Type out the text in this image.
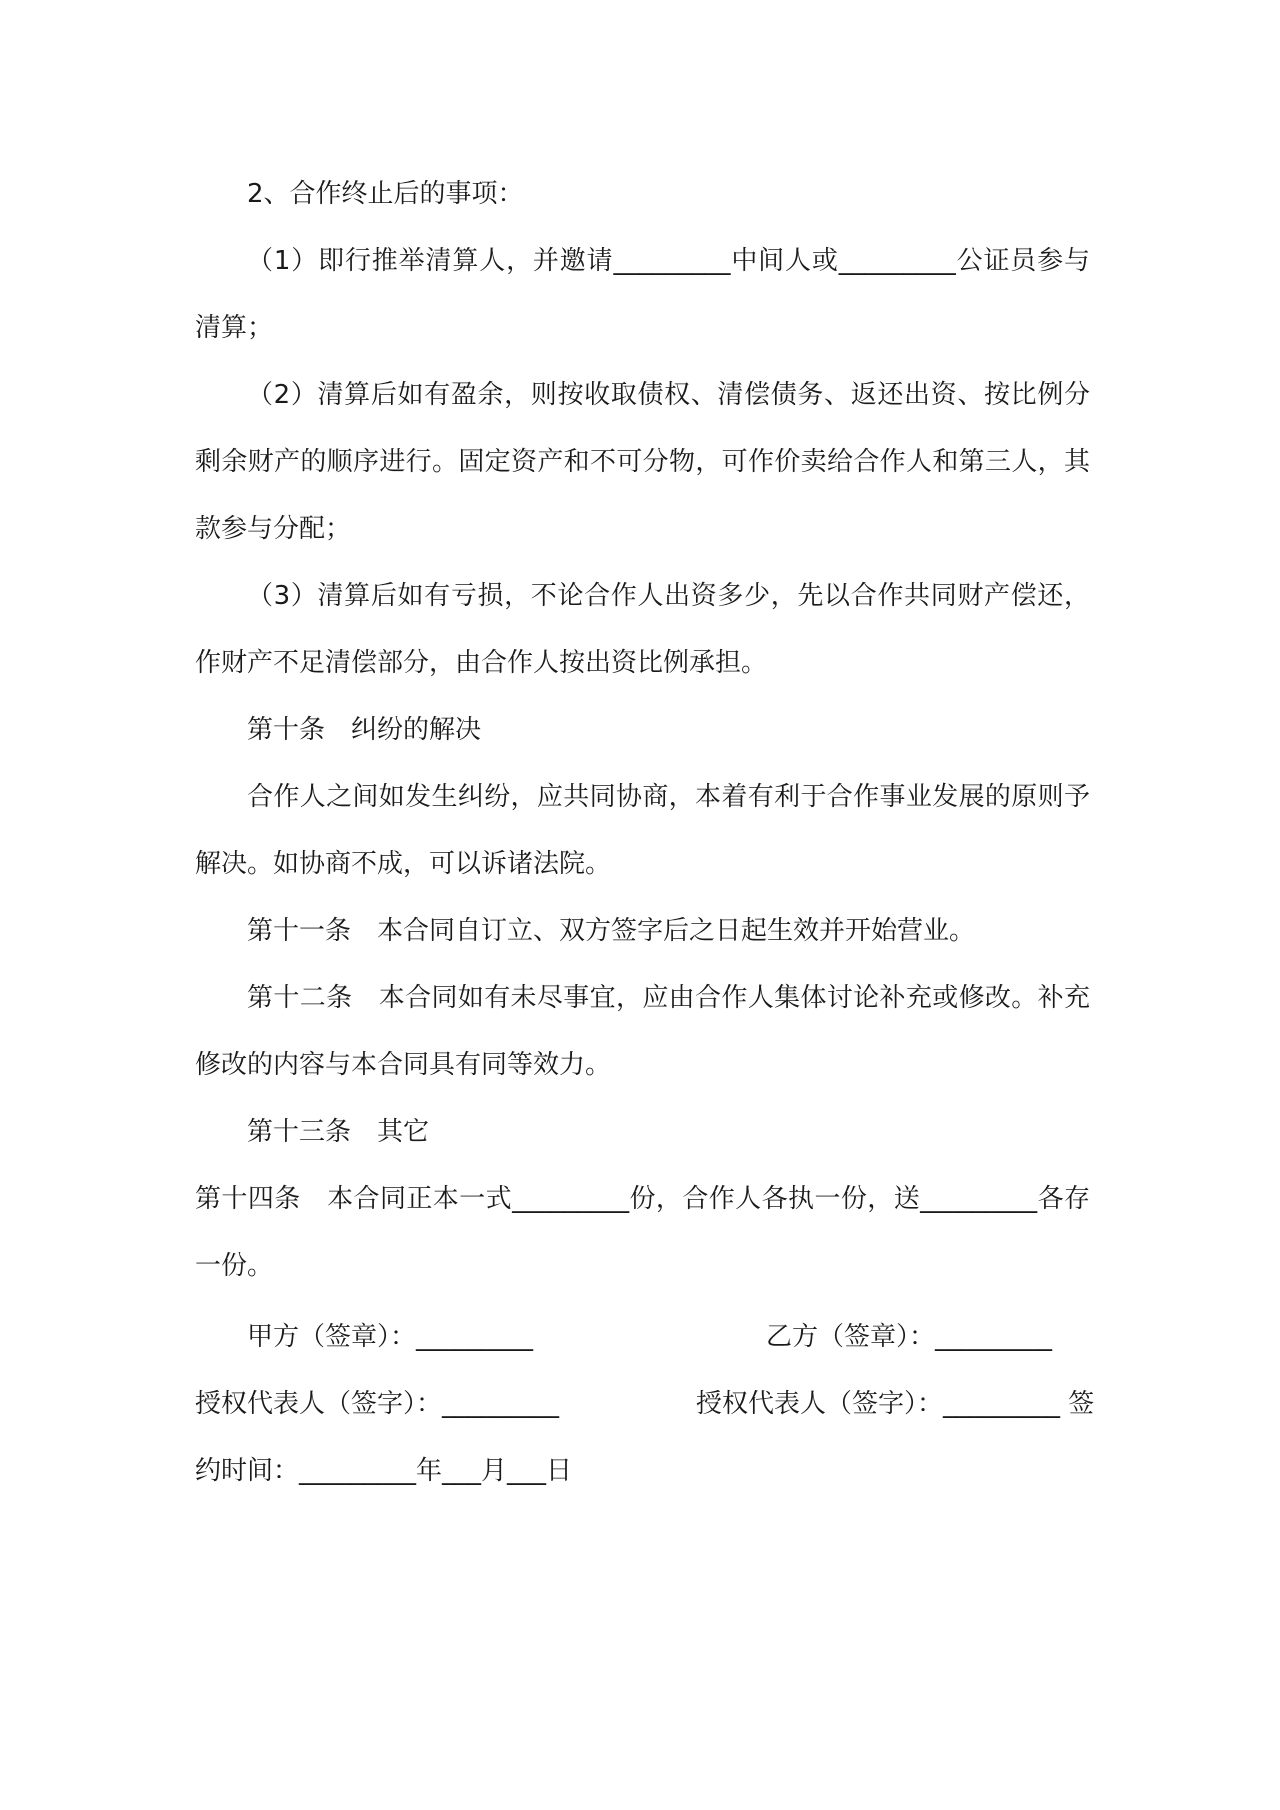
2、合作终止后的事项：
（1）即行推举清算人，并邀请_________中间人或_________公证员参与
清算；
（2）清算后如有盈余，则按收取债权、清偿债务、返还出资、按比例分
剩余财产的顺序进行。固定资产和不可分物，可作价卖给合作人和第三人，其
款参与分配；
（3）清算后如有亏损，不论合作人出资多少，先以合作共同财产偿还，
作财产不足清偿部分，由合作人按出资比例承担。
第十条　纠纷的解决
合作人之间如发生纠纷，应共同协商，本着有利于合作事业发展的原则予
解决。如协商不成，可以诉诸法院。
第十一条　本合同自订立、双方签字后之日起生效并开始营业。
第十二条　本合同如有未尽事宜，应由合作人集体讨论补充或修改。补充
修改的内容与本合同具有同等效力。
第十三条　其它
第十四条　本合同正本一式_________份，合作人各执一份，送_________各存
一份。
甲方（签章）：_________	乙方（签章）：_________
授权代表人（签字）：_________	授权代表人（签字）：_________ 签
约时间：_________年___月___日
